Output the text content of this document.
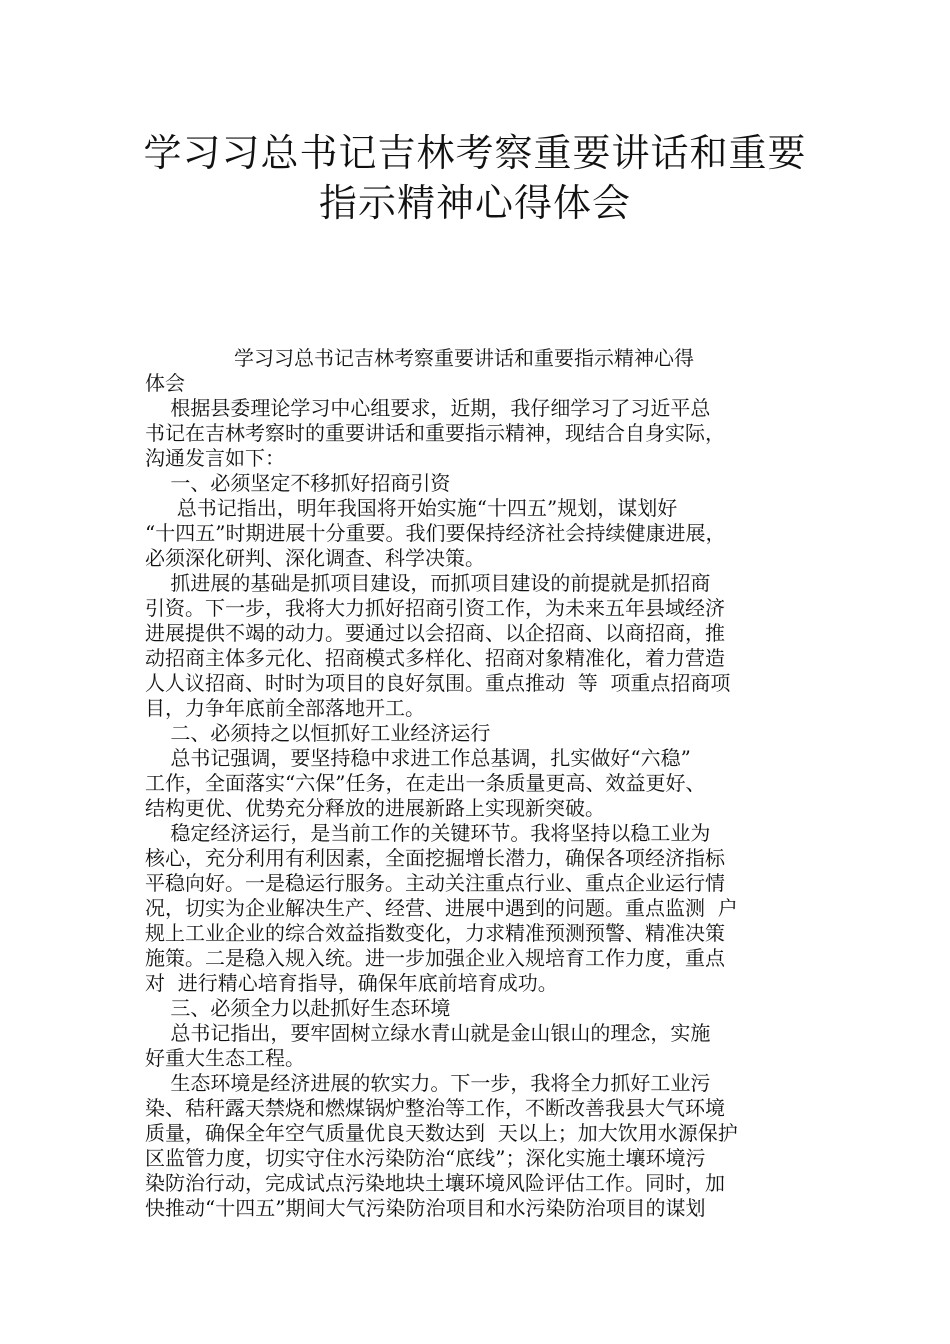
学习习总书记吉林考察重要讲话和重要
指示精神心得体会
学习习总书记吉林考察重要讲话和重要指示精神心得
体会
根据县委理论学习中心组要求，近期，我仔细学习了习近平总
书记在吉林考察时的重要讲话和重要指示精神，现结合自身实际，
沟通发言如下：
一、必须坚定不移抓好招商引资
总书记指出，明年我国将开始实施“十四五”规划，谋划好
“十四五”时期进展十分重要。我们要保持经济社会持续健康进展，
必须深化研判、深化调查、科学决策。
抓进展的基础是抓项目建设，而抓项目建设的前提就是抓招商
引资。下一步，我将大力抓好招商引资工作，为未来五年县域经济
进展提供不竭的动力。要通过以会招商、以企招商、以商招商，推
动招商主体多元化、招商模式多样化、招商对象精准化，着力营造
人人议招商、时时为项目的良好氛围。重点推动  等  项重点招商项
目，力争年底前全部落地开工。
二、必须持之以恒抓好工业经济运行
总书记强调，要坚持稳中求进工作总基调，扎实做好“六稳”
工作，全面落实“六保”任务，在走出一条质量更高、效益更好、
结构更优、优势充分释放的进展新路上实现新突破。
稳定经济运行，是当前工作的关键环节。我将坚持以稳工业为
核心，充分利用有利因素，全面挖掘增长潜力，确保各项经济指标
平稳向好。一是稳运行服务。主动关注重点行业、重点企业运行情
况，切实为企业解决生产、经营、进展中遇到的问题。重点监测  户
规上工业企业的综合效益指数变化，力求精准预测预警、精准决策
施策。二是稳入规入统。进一步加强企业入规培育工作力度，重点
对  进行精心培育指导，确保年底前培育成功。
三、必须全力以赴抓好生态环境
总书记指出，要牢固树立绿水青山就是金山银山的理念，实施
好重大生态工程。
生态环境是经济进展的软实力。下一步，我将全力抓好工业污
染、秸秆露天禁烧和燃煤锅炉整治等工作，不断改善我县大气环境
质量，确保全年空气质量优良天数达到  天以上；加大饮用水源保护
区监管力度，切实守住水污染防治“底线”；深化实施土壤环境污
染防治行动，完成试点污染地块土壤环境风险评估工作。同时，加
快推动“十四五”期间大气污染防治项目和水污染防治项目的谋划
